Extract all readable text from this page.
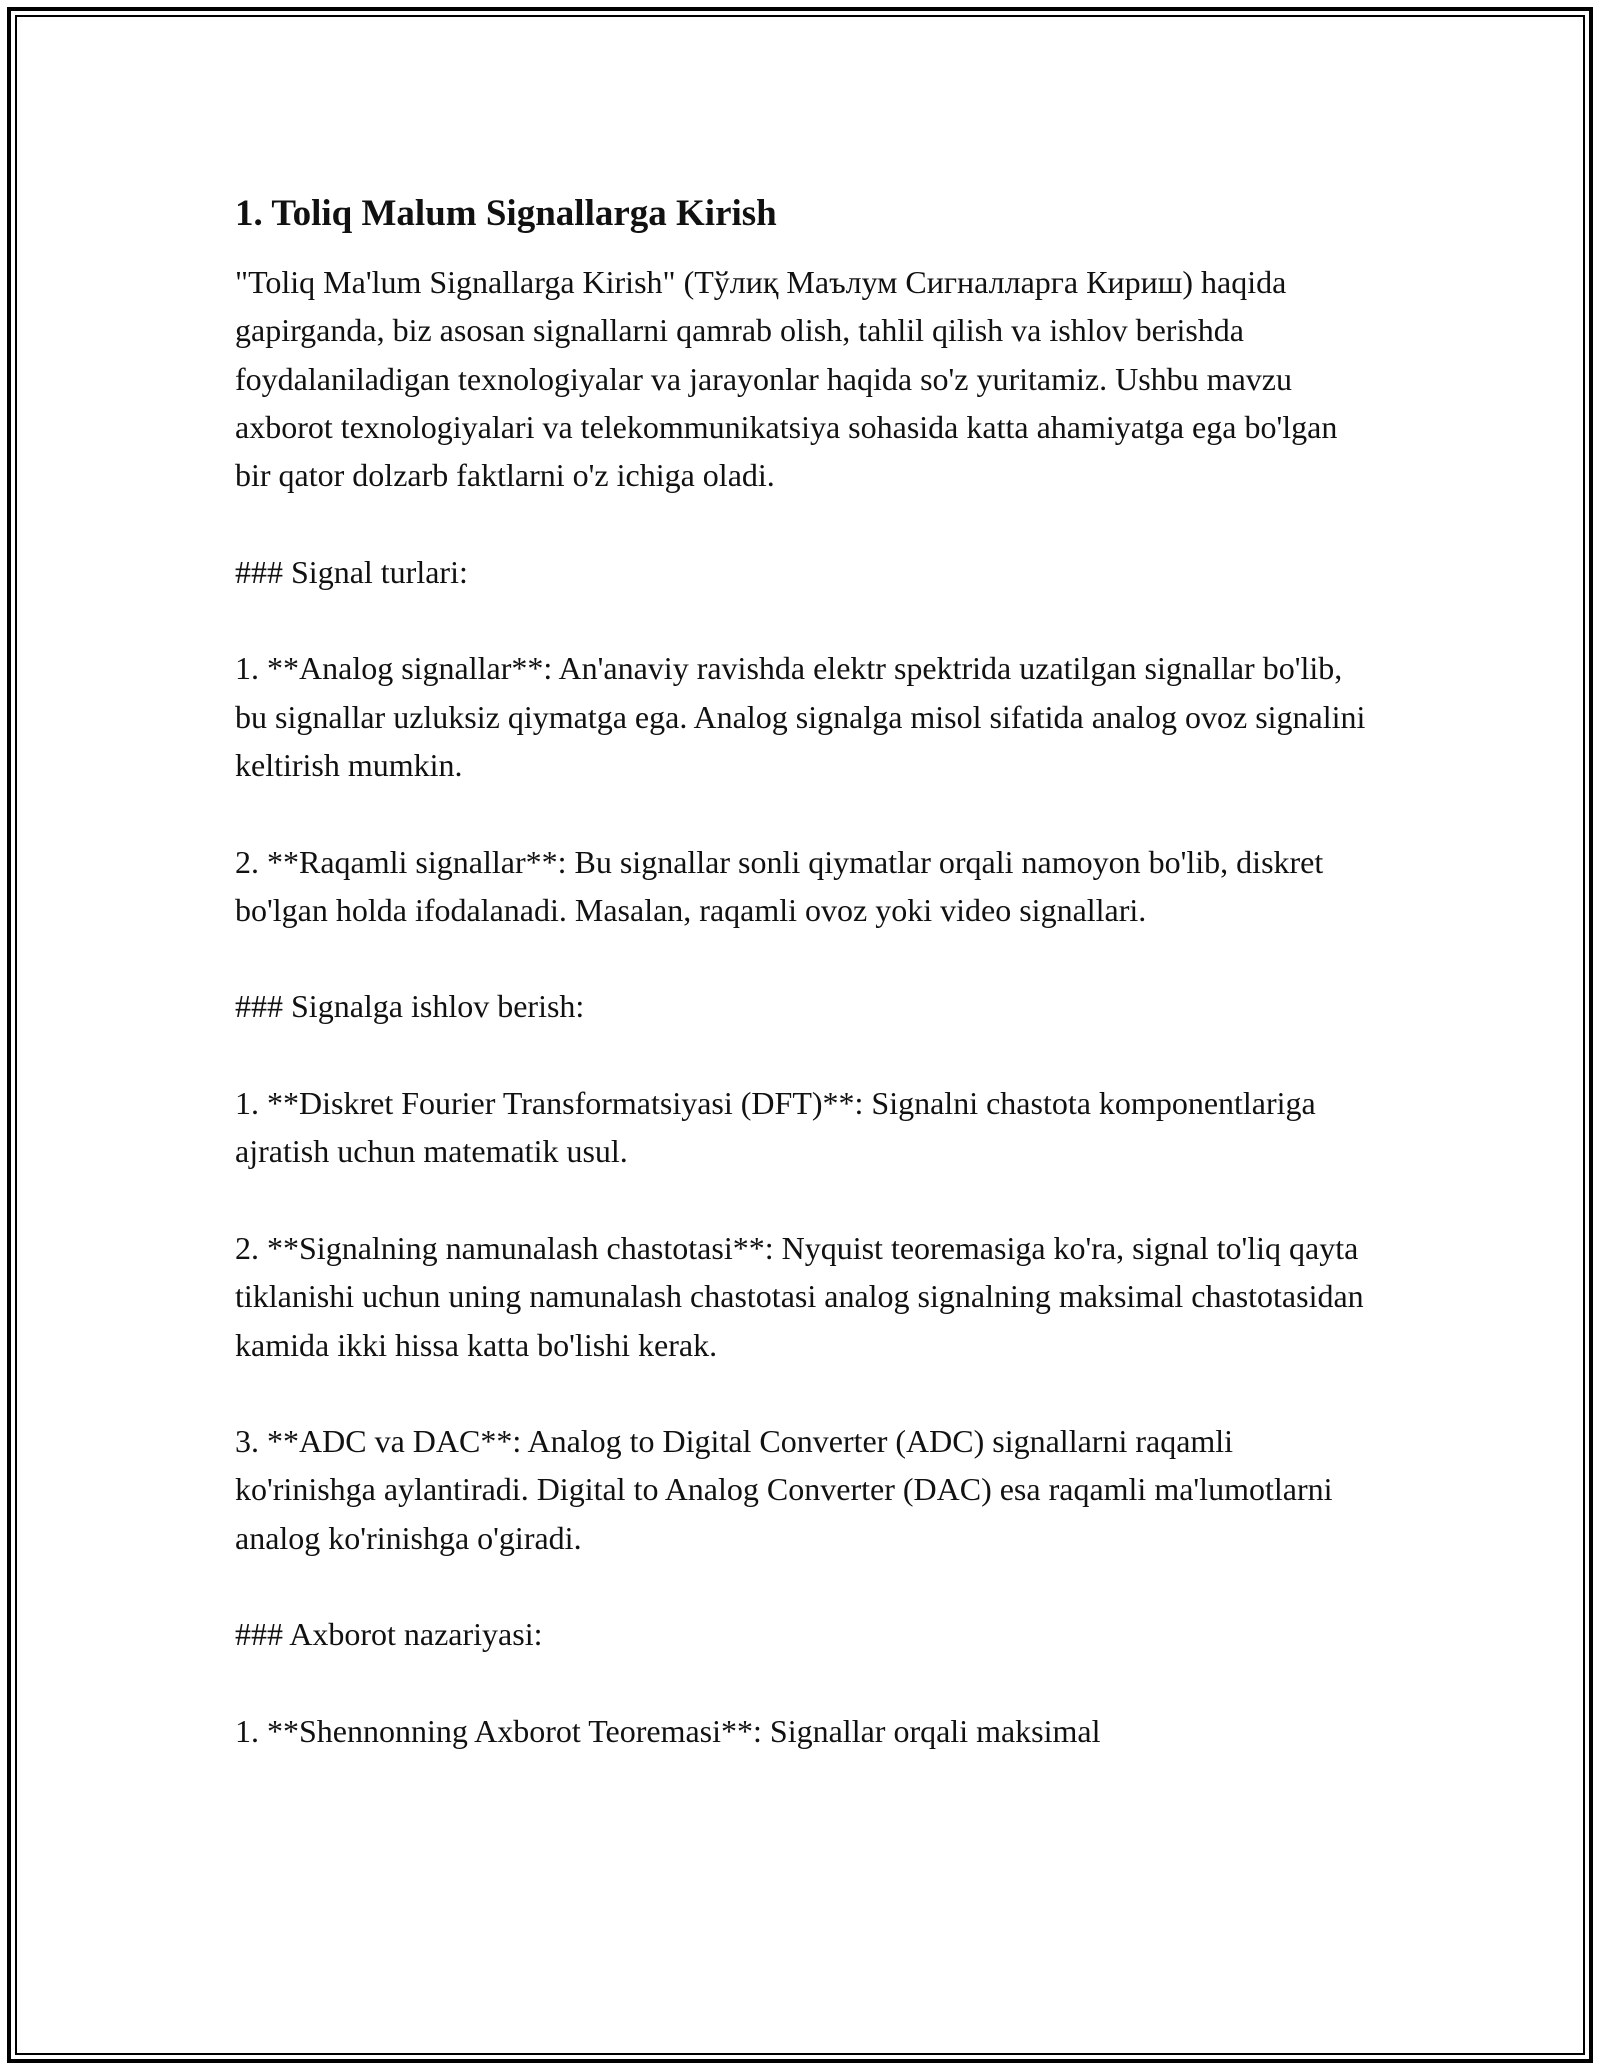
1. Toliq Malum Signallarga Kirish

"Toliq Ma'lum Signallarga Kirish" (Тўлиқ Маълум Сигналларга Кириш) haqida gapirganda, biz asosan signallarni qamrab olish, tahlil qilish va ishlov berishda foydalaniladigan texnologiyalar va jarayonlar haqida so'z yuritamiz. Ushbu mavzu axborot texnologiyalari va telekommunikatsiya sohasida katta ahamiyatga ega bo'lgan bir qator dolzarb faktlarni o'z ichiga oladi.

### Signal turlari:

1. **Analog signallar**: An'anaviy ravishda elektr spektrida uzatilgan signallar bo'lib, bu signallar uzluksiz qiymatga ega. Analog signalga misol sifatida analog ovoz signalini keltirish mumkin.

2. **Raqamli signallar**: Bu signallar sonli qiymatlar orqali namoyon bo'lib, diskret bo'lgan holda ifodalanadi. Masalan, raqamli ovoz yoki video signallari.

### Signalga ishlov berish:

1. **Diskret Fourier Transformatsiyasi (DFT)**: Signalni chastota komponentlariga ajratish uchun matematik usul.

2. **Signalning namunalash chastotasi**: Nyquist teoremasiga ko'ra, signal to'liq qayta tiklanishi uchun uning namunalash chastotasi analog signalning maksimal chastotasidan kamida ikki hissa katta bo'lishi kerak.

3. **ADC va DAC**: Analog to Digital Converter (ADC) signallarni raqamli ko'rinishga aylantiradi. Digital to Analog Converter (DAC) esa raqamli ma'lumotlarni analog ko'rinishga o'giradi.

### Axborot nazariyasi:

1. **Shennonning Axborot Teoremasi**: Signallar orqali maksimal
